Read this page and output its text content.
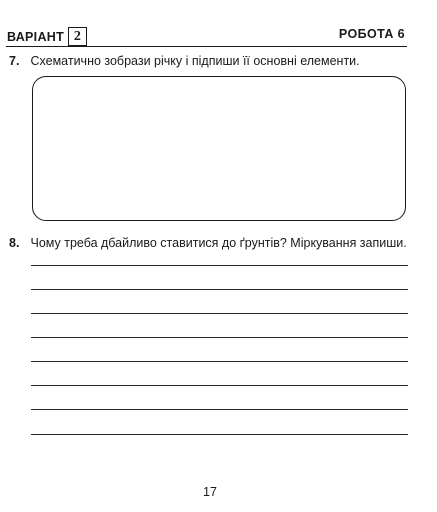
ВАРІАНТ 2	РОБОТА 6
7. Схематично зобрази річку і підпиши її основні елементи.
8. Чому треба дбайливо ставитися до ґрунтів? Міркування запиши.
17
